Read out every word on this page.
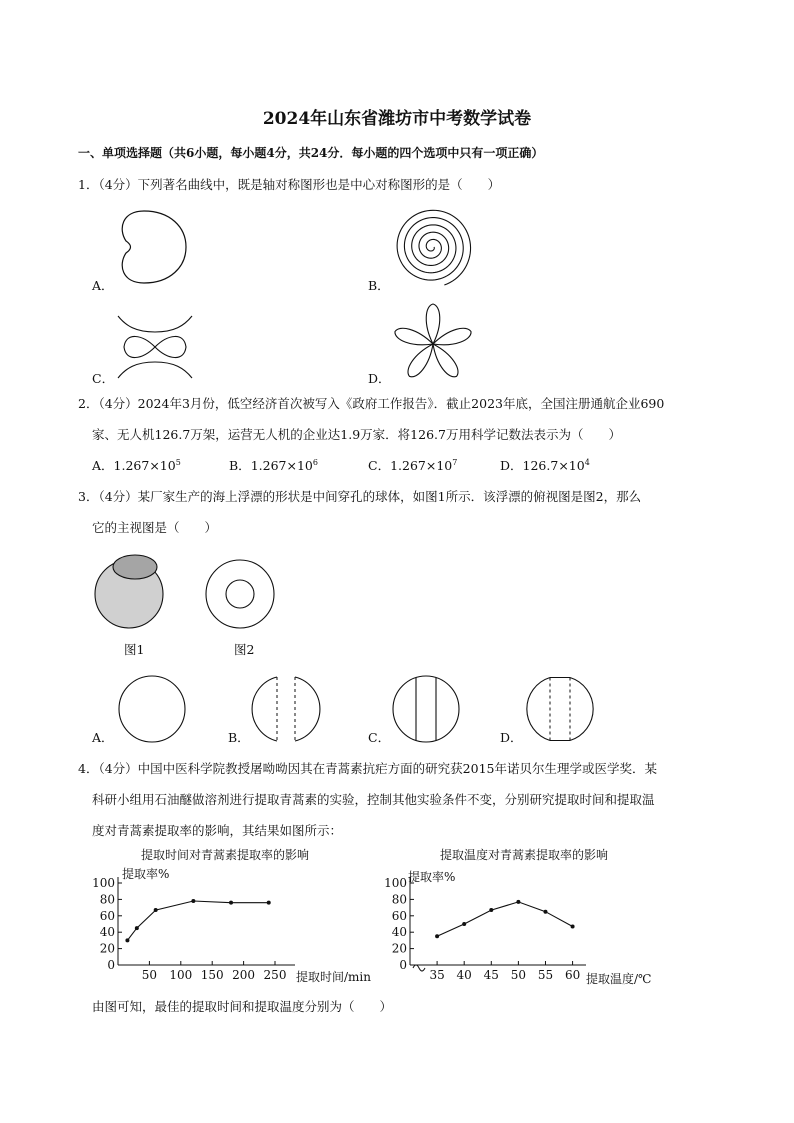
2024年山东省潍坊市中考数学试卷
一、单项选择题（共6小题，每小题4分，共24分．每小题的四个选项中只有一项正确）
1．（4分）下列著名曲线中，既是轴对称图形也是中心对称图形的是（　　）
A．	B．
C．	D．
2．（4分）2024年3月份，低空经济首次被写入《政府工作报告》．截止2023年底，全国注册通航企业690
家、无人机126.7万架，运营无人机的企业达1.9万家．将126.7万用科学记数法表示为（　　）
A．$1.267\times 10^5$	B．$1.267\times 10^6$	C．$1.267\times 10^7$	D．$126.7\times 10^4$
3．（4分）某厂家生产的海上浮漂的形状是中间穿孔的球体，如图1所示．该浮漂的俯视图是图2，那么
它的主视图是（　　）
图1	图2
A．	B．	C．	D．
4．（4分）中国中医科学院教授屠呦呦因其在青蒿素抗疟方面的研究获2015年诺贝尔生理学或医学奖．某
科研小组用石油醚做溶剂进行提取青蒿素的实验，控制其他实验条件不变，分别研究提取时间和提取温
度对青蒿素提取率的影响，其结果如图所示：
提取时间对青蒿素提取率的影响
提取率%
提取时间/min
0
20
40
60
80
100
50 100 150 200 250
提取温度对青蒿素提取率的影响
提取率%
提取温度/℃
0
20
40
60
80
100
35 40 45 50 55 60
由图可知，最佳的提取时间和提取温度分别为（　　）
